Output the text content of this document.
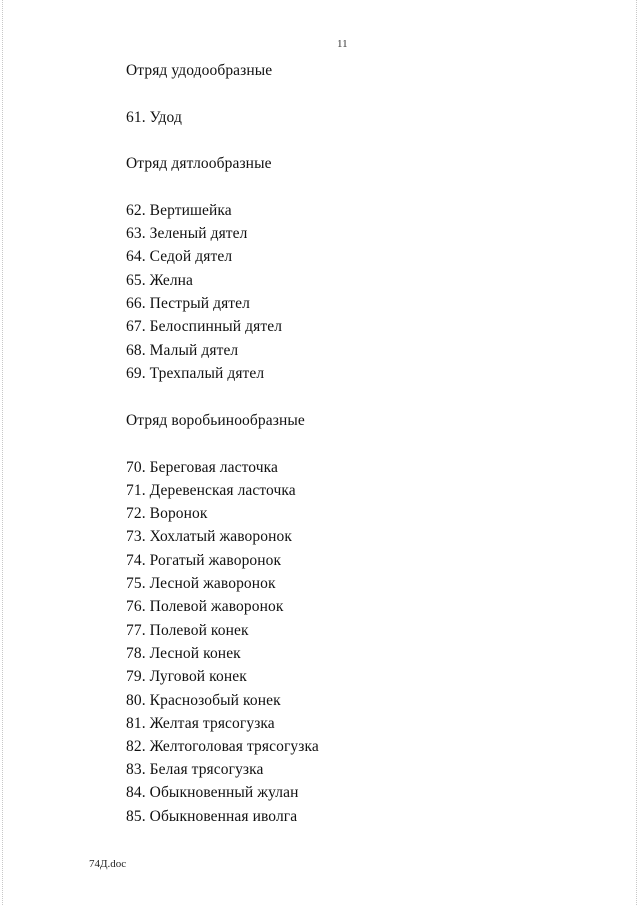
11
Отряд удодообразные
61. Удод
Отряд дятлообразные
62. Вертишейка
63. Зеленый дятел
64. Седой дятел
65. Желна
66. Пестрый дятел
67. Белоспинный дятел
68. Малый дятел
69. Трехпалый дятел
Отряд воробьинообразные
70. Береговая ласточка
71. Деревенская ласточка
72. Воронок
73. Хохлатый жаворонок
74. Рогатый жаворонок
75. Лесной жаворонок
76. Полевой жаворонок
77. Полевой конек
78. Лесной конек
79. Луговой конек
80. Краснозобый конек
81. Желтая трясогузка
82. Желтоголовая трясогузка
83. Белая трясогузка
84. Обыкновенный жулан
85. Обыкновенная иволга
74Д.doc
